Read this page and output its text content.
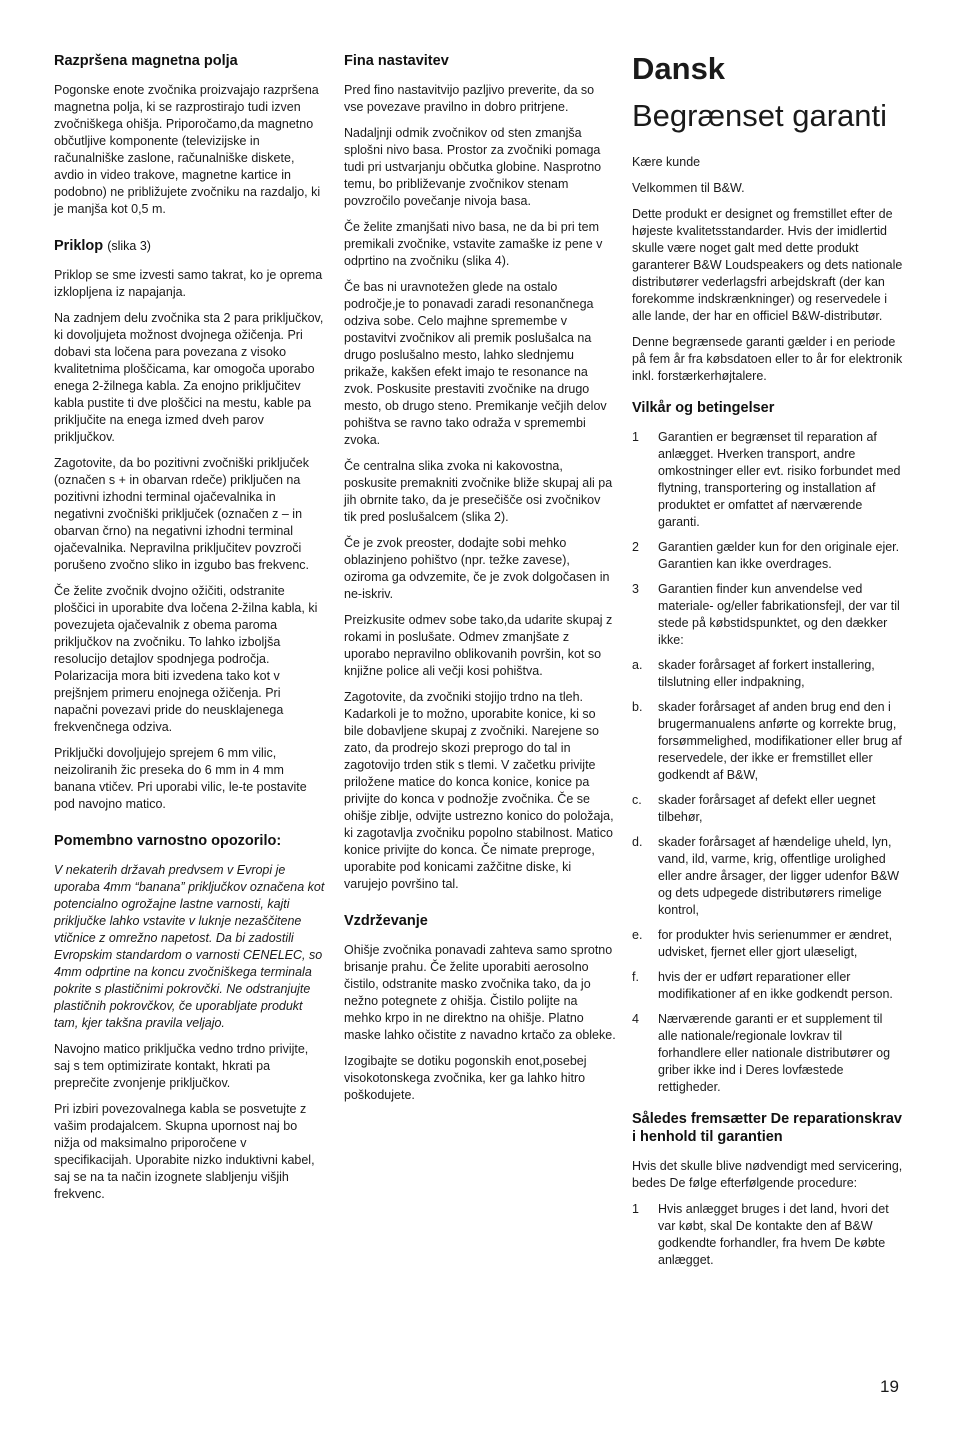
Razpršena magnetna polja

Pogonske enote zvočnika proizvajajo razpršena magnetna polja, ki se razprostirajo tudi izven zvočniškega ohišja. Priporočamo,da magnetno občutljive komponente (televizijske in računalniške zaslone, računalniške diskete, avdio in video trakove, magnetne kartice in podobno) ne približujete zvočniku na razdaljo, ki je manjša kot 0,5 m.

Priklop (slika 3)

Priklop se sme izvesti samo takrat, ko je oprema izklopljena iz napajanja.

Na zadnjem delu zvočnika sta 2 para priključkov, ki dovoljujeta možnost dvojnega ožičenja. Pri dobavi sta ločena para povezana z visoko kvalitetnima ploščicama, kar omogoča uporabo enega 2-žilnega kabla. Za enojno priključitev kabla pustite ti dve ploščici na mestu, kable pa priključite na enega izmed dveh parov priključkov.

Zagotovite, da bo pozitivni zvočniški priključek (označen s + in obarvan rdeče) priključen na pozitivni izhodni terminal ojačevalnika in negativni zvočniški priključek (označen z – in obarvan črno) na negativni izhodni terminal ojačevalnika. Nepravilna priključitev povzroči porušeno zvočno sliko in izgubo bas frekvenc.

Če želite zvočnik dvojno ožičiti, odstranite ploščici in uporabite dva ločena 2-žilna kabla, ki povezujeta ojačevalnik z obema paroma priključkov na zvočniku. To lahko izboljša resolucijo detajlov spodnjega področja. Polarizacija mora biti izvedena tako kot v prejšnjem primeru enojnega ožičenja. Pri napačni povezavi pride do neusklajenega frekvenčnega odziva.

Priključki dovoljujejo sprejem 6 mm vilic, neizoliranih žic preseka do 6 mm in 4 mm banana vtičev. Pri uporabi vilic, le-te postavite pod navojno matico.

Pomembno varnostno opozorilo:

V nekaterih državah predvsem v Evropi je uporaba 4mm “banana” priključkov označena kot potencialno ogrožajne lastne varnosti, kajti priključke lahko vstavite v luknje nezaščitene vtičnice z omrežno napetost. Da bi zadostili Evropskim standardom o varnosti CENELEC, so 4mm odprtine na koncu zvočniškega terminala pokrite s plastičnimi pokrovčki. Ne odstranjujte plastičnih pokrovčkov, če uporabljate produkt tam, kjer takšna pravila veljajo.

Navojno matico priključka vedno trdno privijte, saj s tem optimizirate kontakt, hkrati pa preprečite zvonjenje priključkov.

Pri izbiri povezovalnega kabla se posvetujte z vašim prodajalcem. Skupna upornost naj bo nižja od maksimalno priporočene v specifikacijah. Uporabite nizko induktivni kabel, saj se na ta način izognete slabljenju višjih frekvenc.

Fina nastavitev

Pred fino nastavitvijo pazljivo preverite, da so vse povezave pravilno in dobro pritrjene.

Nadaljnji odmik zvočnikov od sten zmanjša splošni nivo basa. Prostor za zvočniki pomaga tudi pri ustvarjanju občutka globine. Nasprotno temu, bo približevanje zvočnikov stenam povzročilo povečanje nivoja basa.

Če želite zmanjšati nivo basa, ne da bi pri tem premikali zvočnike, vstavite zamaške iz pene v odprtino na zvočniku (slika 4).

Če bas ni uravnotežen glede na ostalo področje,je to ponavadi zaradi resonančnega odziva sobe. Celo majhne spremembe v postavitvi zvočnikov ali premik poslušalca na drugo poslušalno mesto, lahko slednjemu prikaže, kakšen efekt imajo te resonance na zvok. Poskusite prestaviti zvočnike na drugo mesto, ob drugo steno. Premikanje večjih delov pohištva se ravno tako odraža v spremembi zvoka.

Če centralna slika zvoka ni kakovostna, poskusite premakniti zvočnike bliže skupaj ali pa jih obrnite tako, da je presečišče osi zvočnikov tik pred poslušalcem (slika 2).

Če je zvok preoster, dodajte sobi mehko oblazinjeno pohištvo (npr. težke zavese), oziroma ga odvzemite, če je zvok dolgočasen in ne-iskriv.

Preizkusite odmev sobe tako,da udarite skupaj z rokami in poslušate. Odmev zmanjšate z uporabo nepravilno oblikovanih površin, kot so knjižne police ali večji kosi pohištva.

Zagotovite, da zvočniki stojijo trdno na tleh. Kadarkoli je to možno, uporabite konice, ki so bile dobavljene skupaj z zvočniki. Narejene so zato, da prodrejo skozi preprogo do tal in zagotovijo trden stik s tlemi. V začetku privijte priložene matice do konca konice, konice pa privijte do konca v podnožje zvočnika. Če se ohišje ziblje, odvijte ustrezno konico do položaja, ki zagotavlja zvočniku popolno stabilnost. Matico konice privijte do konca. Če nimate preproge, uporabite pod konicami zažčitne diske, ki varujejo površino tal.

Vzdrževanje

Ohišje zvočnika ponavadi zahteva samo sprotno brisanje prahu. Če želite uporabiti aerosolno čistilo, odstranite masko zvočnika tako, da jo nežno potegnete z ohišja. Čistilo polijte na mehko krpo in ne direktno na ohišje. Platno maske lahko očistite z navadno krtačo za obleke.

Izogibajte se dotiku pogonskih enot,posebej visokotonskega zvočnika, ker ga lahko hitro poškodujete.

Dansk
Begrænset garanti

Kære kunde

Velkommen til B&W.

Dette produkt er designet og fremstillet efter de højeste kvalitetsstandarder. Hvis der imidlertid skulle være noget galt med dette produkt garanterer B&W Loudspeakers og dets nationale distributører vederlagsfri arbejdskraft (der kan forekomme indskrænkninger) og reservedele i alle lande, der har en officiel B&W-distributør.

Denne begrænsede garanti gælder i en periode på fem år fra købsdatoen eller to år for elektronik inkl. forstærkerhøjtalere.

Vilkår og betingelser
1	Garantien er begrænset til reparation af anlægget. Hverken transport, andre omkostninger eller evt. risiko forbundet med flytning, transportering og installation af produktet er omfattet af nærværende garanti.
2	Garantien gælder kun for den originale ejer. Garantien kan ikke overdrages.
3	Garantien finder kun anvendelse ved materiale- og/eller fabrikationsfejl, der var til stede på købstidspunktet, og den dækker ikke:
a.	skader forårsaget af forkert installering, tilslutning eller indpakning,
b.	skader forårsaget af anden brug end den i brugermanualens anførte og korrekte brug, forsømmelighed, modifikationer eller brug af reservedele, der ikke er fremstillet eller godkendt af B&W,
c.	skader forårsaget af defekt eller uegnet tilbehør,
d.	skader forårsaget af hændelige uheld, lyn, vand, ild, varme, krig, offentlige urolighed eller andre årsager, der ligger udenfor B&W og dets udpegede distributørers rimelige kontrol,
e.	for produkter hvis serienummer er ændret, udvisket, fjernet eller gjort ulæseligt,
f.	hvis der er udført reparationer eller modifikationer af en ikke godkendt person.
4	Nærværende garanti er et supplement til alle nationale/regionale lovkrav til forhandlere eller nationale distributører og griber ikke ind i Deres lovfæstede rettigheder.
Således fremsætter De reparationskrav i henhold til garantien

Hvis det skulle blive nødvendigt med servicering, bedes De følge efterfølgende procedure:

1	Hvis anlægget bruges i det land, hvori det var købt, skal De kontakte den af B&W godkendte forhandler, fra hvem De købte anlægget.
19
